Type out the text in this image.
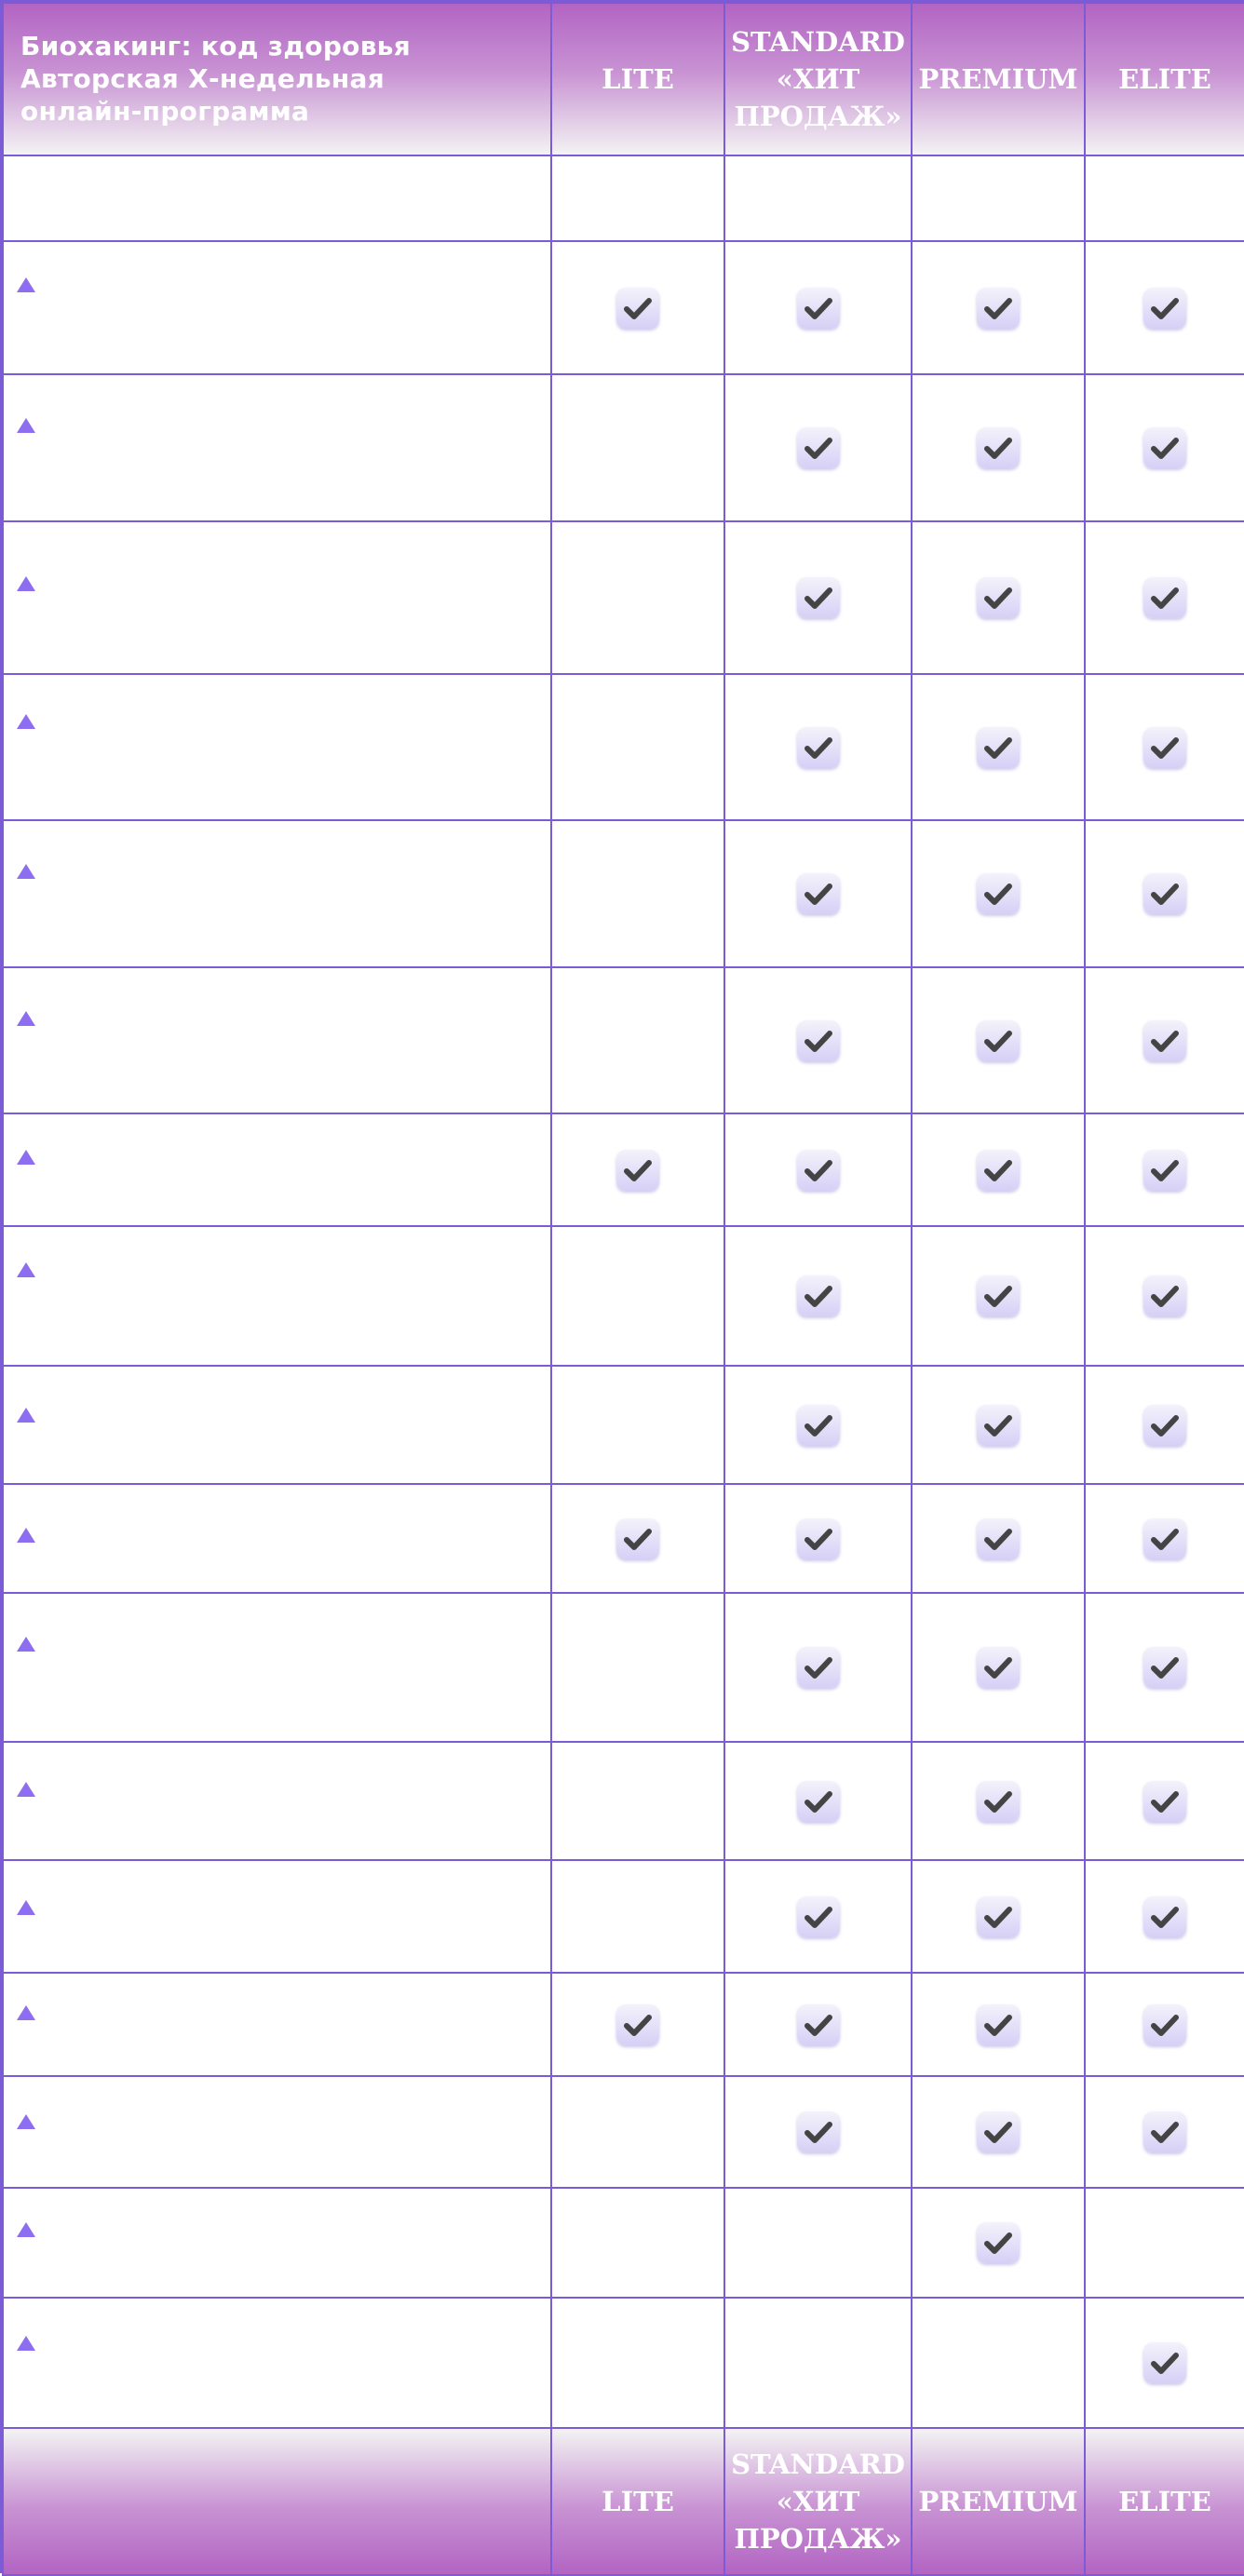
Биохакинг: код здоровья
Авторская Х-недельная
онлайн-программа	LITE	STANDARD
«ХИТ
ПРОДАЖ»	PREMIUM	ELITE

	LITE	STANDARD
«ХИТ
ПРОДАЖ»	PREMIUM	ELITE
